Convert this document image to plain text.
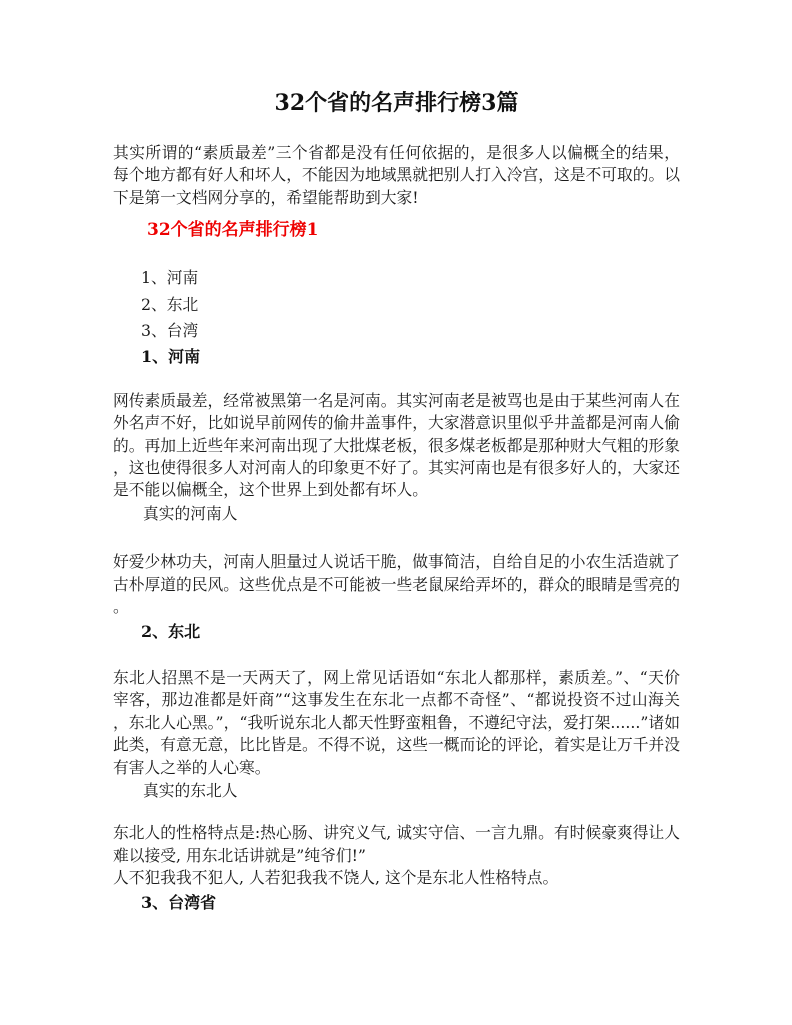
32个省的名声排行榜3篇

其实所谓的“素质最差”三个省都是没有任何依据的，是很多人以偏概全的结果，每个地方都有好人和坏人，不能因为地域黑就把别人打入冷宫，这是不可取的。以下是第一文档网分享的，希望能帮助到大家!

32个省的名声排行榜1

1、河南

2、东北

3、台湾

1、河南

网传素质最差，经常被黑第一名是河南。其实河南老是被骂也是由于某些河南人在外名声不好，比如说早前网传的偷井盖事件，大家潜意识里似乎井盖都是河南人偷的。再加上近些年来河南出现了大批煤老板，很多煤老板都是那种财大气粗的形象，这也使得很多人对河南人的印象更不好了。其实河南也是有很多好人的，大家还是不能以偏概全，这个世界上到处都有坏人。

真实的河南人

好爱少林功夫，河南人胆量过人说话干脆，做事简洁，自给自足的小农生活造就了古朴厚道的民风。这些优点是不可能被一些老鼠屎给弄坏的，群众的眼睛是雪亮的。

2、东北

东北人招黑不是一天两天了，网上常见话语如“东北人都那样，素质差。”、“天价宰客，那边准都是奸商”“这事发生在东北一点都不奇怪”、“都说投资不过山海关，东北人心黑。”，“我听说东北人都天性野蛮粗鲁，不遵纪守法，爱打架......”诸如此类，有意无意，比比皆是。不得不说，这些一概而论的评论，着实是让万千并没有害人之举的人心寒。

真实的东北人

东北人的性格特点是:热心肠、讲究义气, 诚实守信、一言九鼎。有时候豪爽得让人难以接受, 用东北话讲就是”纯爷们!”

人不犯我我不犯人, 人若犯我我不饶人, 这个是东北人性格特点。

3、台湾省
